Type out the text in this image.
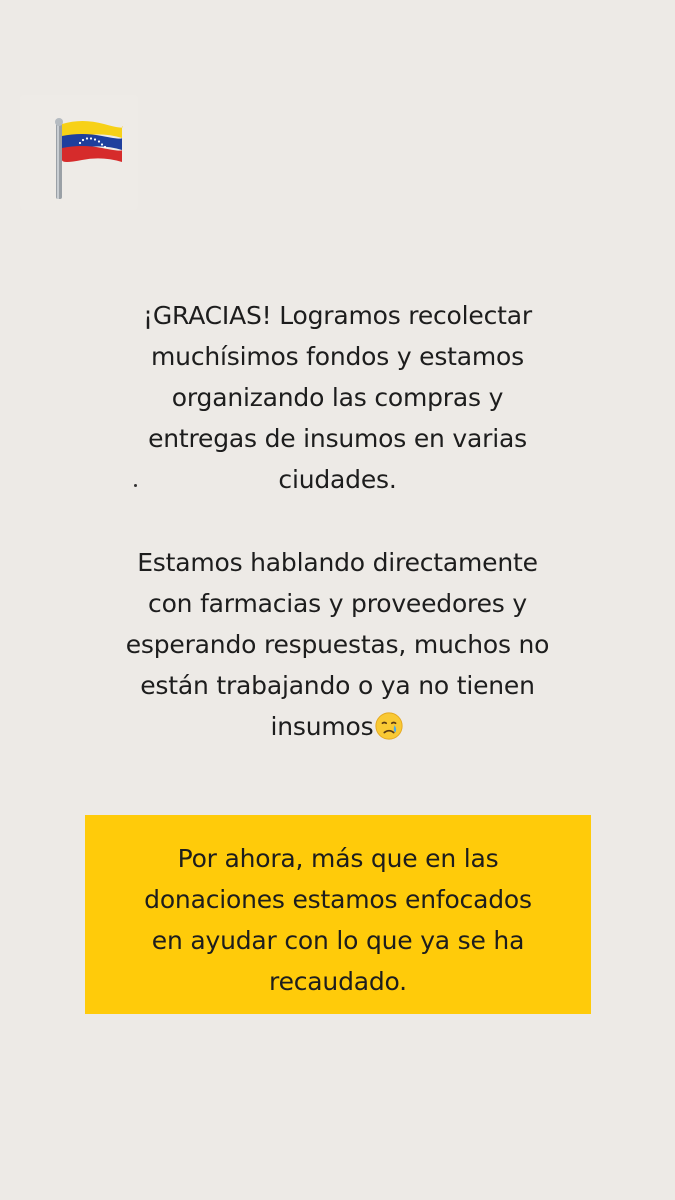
¡GRACIAS! Logramos recolectar
muchísimos fondos y estamos
organizando las compras y
entregas de insumos en varias
ciudades.
Estamos hablando directamente
con farmacias y proveedores y
esperando respuestas, muchos no
están trabajando o ya no tienen
insumos
Por ahora, más que en las
donaciones estamos enfocados
en ayudar con lo que ya se ha
recaudado.
